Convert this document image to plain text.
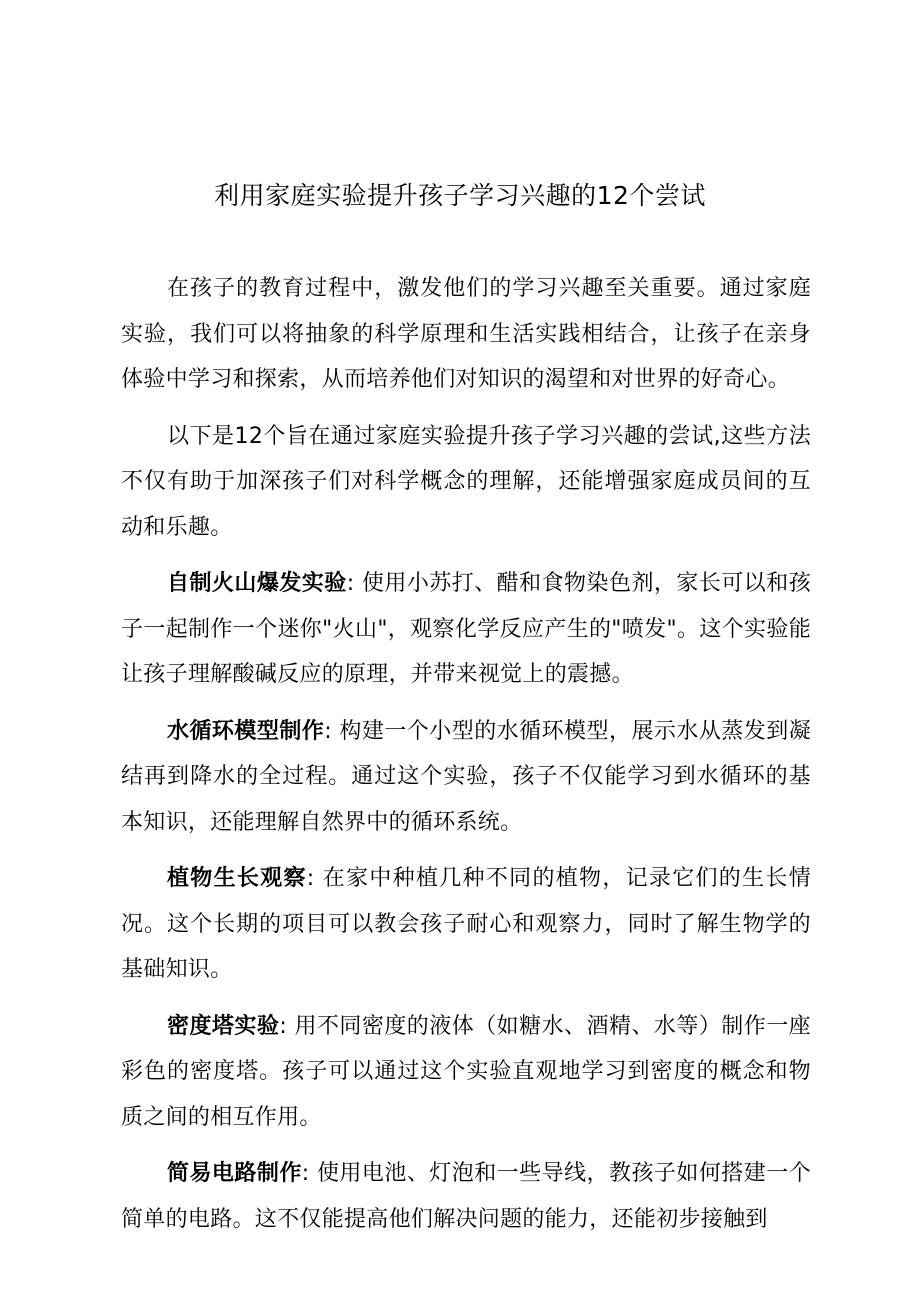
利用家庭实验提升孩子学习兴趣的12个尝试

在孩子的教育过程中，激发他们的学习兴趣至关重要。通过家庭实验，我们可以将抽象的科学原理和生活实践相结合，让孩子在亲身体验中学习和探索，从而培养他们对知识的渴望和对世界的好奇心。

以下是12个旨在通过家庭实验提升孩子学习兴趣的尝试,这些方法不仅有助于加深孩子们对科学概念的理解，还能增强家庭成员间的互动和乐趣。

自制火山爆发实验: 使用小苏打、醋和食物染色剂，家长可以和孩子一起制作一个迷你"火山"，观察化学反应产生的"喷发"。这个实验能让孩子理解酸碱反应的原理，并带来视觉上的震撼。

水循环模型制作: 构建一个小型的水循环模型，展示水从蒸发到凝结再到降水的全过程。通过这个实验，孩子不仅能学习到水循环的基本知识，还能理解自然界中的循环系统。

植物生长观察: 在家中种植几种不同的植物，记录它们的生长情况。这个长期的项目可以教会孩子耐心和观察力，同时了解生物学的基础知识。

密度塔实验: 用不同密度的液体（如糖水、酒精、水等）制作一座彩色的密度塔。孩子可以通过这个实验直观地学习到密度的概念和物质之间的相互作用。

简易电路制作: 使用电池、灯泡和一些导线，教孩子如何搭建一个简单的电路。这不仅能提高他们解决问题的能力，还能初步接触到
